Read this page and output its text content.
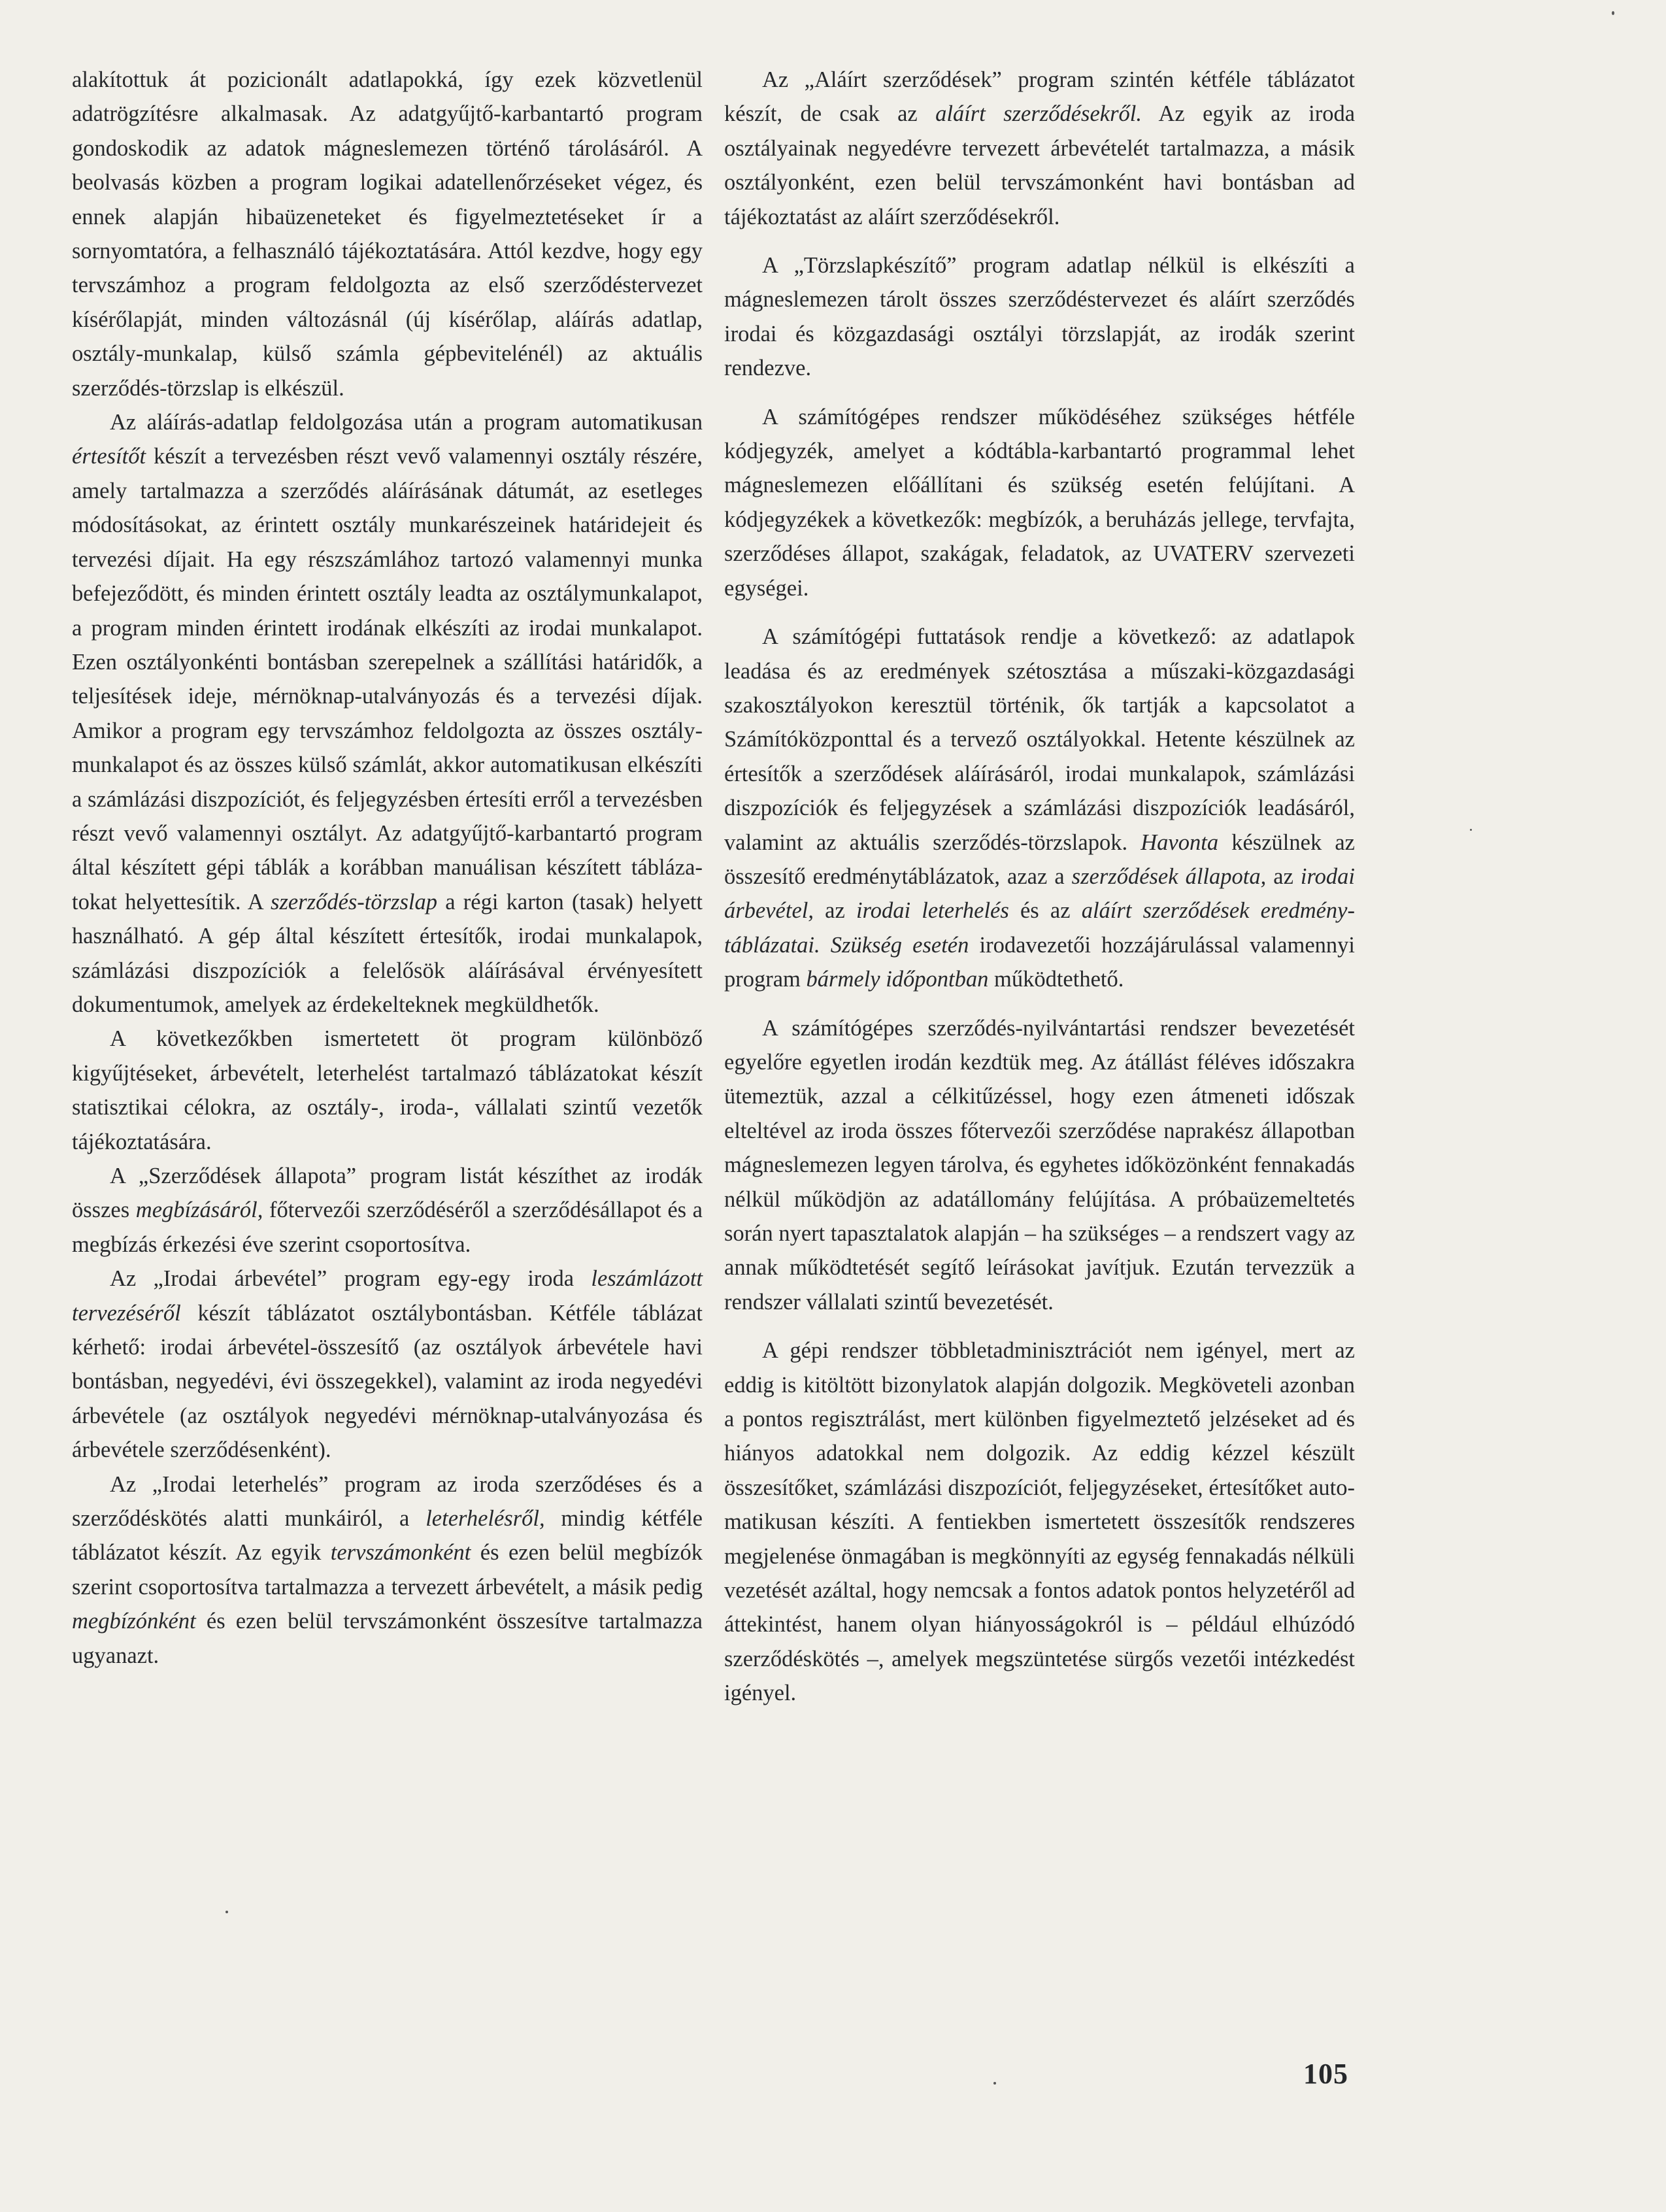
alakítottuk át pozicionált adatlapokká, így ezek közvetlenül adatrögzítésre alkalmasak. Az adatgyűjtő-karbantartó program gondoskodik az adatok mágneslemezen történő tárolásáról. A beolvasás közben a program logikai adatellenőrzéseket végez, és ennek alapján hibaüzeneteket és figyelmeztetéseket ír a sornyomtatóra, a felhasználó tájékoztatására. Attól kezdve, hogy egy tervszámhoz a program feldolgozta az első szerződéstervezet kísérőlapját, minden változásnál (új kísérőlap, aláírás adatlap, osztály-munkalap, külső számla gépbevitelénél) az aktuális szerződés-törzslap is elkészül.

Az aláírás-adatlap feldolgozása után a program automatikusan értesítőt készít a tervezésben részt vevő valamennyi osztály részére, amely tartalmazza a szerződés aláírásának dátumát, az esetleges módosításokat, az érintett osztály munkarészeinek határidejeit és tervezési díjait. Ha egy részszámlához tartozó valamennyi munka befejeződött, és minden érintett osztály leadta az osztálymunkalapot, a program minden érintett irodának elkészíti az irodai munkalapot. Ezen osztályonkénti bontásban szerepelnek a szállítási határidők, a teljesítések ideje, mérnöknap-utalványozás és a tervezési díjak. Amikor a program egy tervszámhoz feldolgozta az összes osztálymunkalapot és az összes külső számlát, akkor automatikusan elkészíti a számlázási diszpozíciót, és feljegyzésben értesíti erről a tervezésben részt vevő valamennyi osztályt. Az adatgyűjtő-karbantartó program által készített gépi táblák a korábban manuálisan készített táblázatokat helyettesítik. A szerződés-törzslap a régi karton (tasak) helyett használható. A gép által készített értesítők, irodai munkalapok, számlázási diszpozíciók a felelősök aláírásával érvényesített dokumentumok, amelyek az érdekelteknek megküldhetők.

A következőkben ismertetett öt program különböző kigyűjtéseket, árbevételt, leterhelést tartalmazó táblázatokat készít statisztikai célokra, az osztály-, iroda-, vállalati szintű vezetők tájékoztatására.

A „Szerződések állapota” program listát készíthet az irodák összes megbízásáról, főtervezői szerződéséről a szerződésállapot és a megbízás érkezési éve szerint csoportosítva.

Az „Irodai árbevétel” program egy-egy iroda leszámlázott tervezéséről készít táblázatot osztálybontásban. Kétféle táblázat kérhető: irodai árbevétel-összesítő (az osztályok árbevétele havi bontásban, negyedévi, évi összegekkel), valamint az iroda negyedévi árbevétele (az osztályok negyedévi mérnöknap-utalványozása és árbevétele szerződésenként).

Az „Irodai leterhelés” program az iroda szerződéses és a szerződéskötés alatti munkáiról, a leterhelésről, mindig kétféle táblázatot készít. Az egyik tervszámonként és ezen belül megbízók szerint csoportosítva tartalmazza a tervezett árbevételt, a másik pedig megbízónként és ezen belül tervszámonként összesítve tartalmazza ugyanazt.

Az „Aláírt szerződések” program szintén kétféle táblázatot készít, de csak az aláírt szerződésekről. Az egyik az iroda osztályainak negyedévre tervezett árbevételét tartalmazza, a másik osztályonként, ezen belül tervszámonként havi bontásban ad tájékoztatást az aláírt szerződésekről.

A „Törzslapkészítő” program adatlap nélkül is elkészíti a mágneslemezen tárolt összes szerződéstervezet és aláírt szerződés irodai és közgazdasági osztályi törzslapját, az irodák szerint rendezve.

A számítógépes rendszer működéséhez szükséges hétféle kódjegyzék, amelyet a kódtábla-karbantartó programmal lehet mágneslemezen előállítani és szükség esetén felújítani. A kódjegyzékek a következők: megbízók, a beruházás jellege, tervfajta, szerződéses állapot, szakágak, feladatok, az UVATERV szervezeti egységei.

A számítógépi futtatások rendje a következő: az adatlapok leadása és az eredmények szétosztása a műszaki-közgazdasági szakosztályokon keresztül történik, ők tartják a kapcsolatot a Számítóközponttal és a tervező osztályokkal. Hetente készülnek az értesítők a szerződések aláírásáról, irodai munkalapok, számlázási diszpozíciók és feljegyzések a számlázási diszpozíciók leadásáról, valamint az aktuális szerződés-törzslapok. Havonta készülnek az összesítő eredménytáblázatok, azaz a szerződések állapota, az irodai árbevétel, az irodai leterhelés és az aláírt szerződések eredménytáblázatai. Szükség esetén irodavezetői hozzájárulással valamennyi program bármely időpontban működtethető.

A számítógépes szerződés-nyilvántartási rendszer bevezetését egyelőre egyetlen irodán kezdtük meg. Az átállást féléves időszakra ütemeztük, azzal a célkitűzéssel, hogy ezen átmeneti időszak elteltével az iroda összes főtervezői szerződése naprakész állapotban mágneslemezen legyen tárolva, és egyhetes időközönként fennakadás nélkül működjön az adatállomány felújítása. A próbaüzemeltetés során nyert tapasztalatok alapján – ha szükséges – a rendszert vagy az annak működtetését segítő leírásokat javítjuk. Ezután tervezzük a rendszer vállalati szintű bevezetését.

A gépi rendszer többletadminisztrációt nem igényel, mert az eddig is kitöltött bizonylatok alapján dolgozik. Megköveteli azonban a pontos regisztrálást, mert különben figyelmeztető jelzéseket ad és hiányos adatokkal nem dolgozik. Az eddig kézzel készült összesítőket, számlázási diszpozíciót, feljegyzéseket, értesítőket automatikusan készíti. A fentiekben ismertetett összesítők rendszeres megjelenése önmagában is megkönnyíti az egység fennakadás nélküli vezetését azáltal, hogy nemcsak a fontos adatok pontos helyzetéről ad áttekintést, hanem olyan hiányosságokról is – például elhúzódó szerződéskötés –, amelyek megszüntetése sürgős vezetői intézkedést igényel.

105
